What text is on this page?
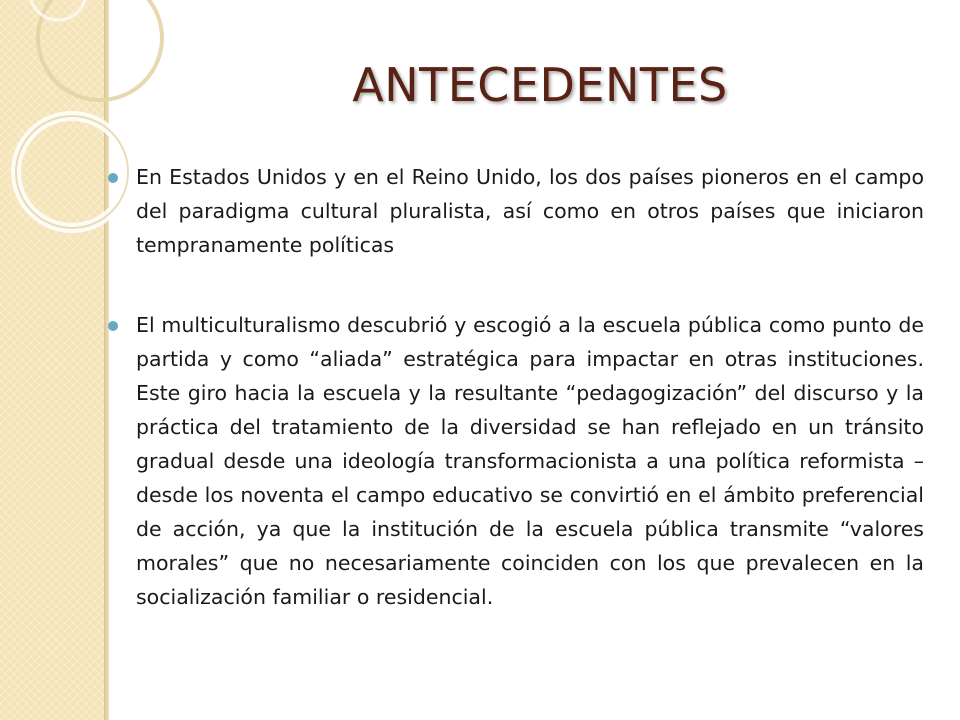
ANTECEDENTES

En Estados Unidos y en el Reino Unido, los dos países pioneros en el campo del paradigma cultural pluralista, así como en otros países que iniciaron tempranamente políticas

El multiculturalismo descubrió y escogió a la escuela pública como punto de partida y como “aliada” estratégica para impactar en otras instituciones. Este giro hacia la escuela y la resultante “pedagogización” del discurso y la práctica del tratamiento de la diversidad se han reflejado en un tránsito gradual desde una ideología transformacionista a una política reformista – desde los noventa el campo educativo se convirtió en el ámbito preferencial de acción, ya que la institución de la escuela pública transmite “valores morales” que no necesariamente coinciden con los que prevalecen en la socialización familiar o residencial.
